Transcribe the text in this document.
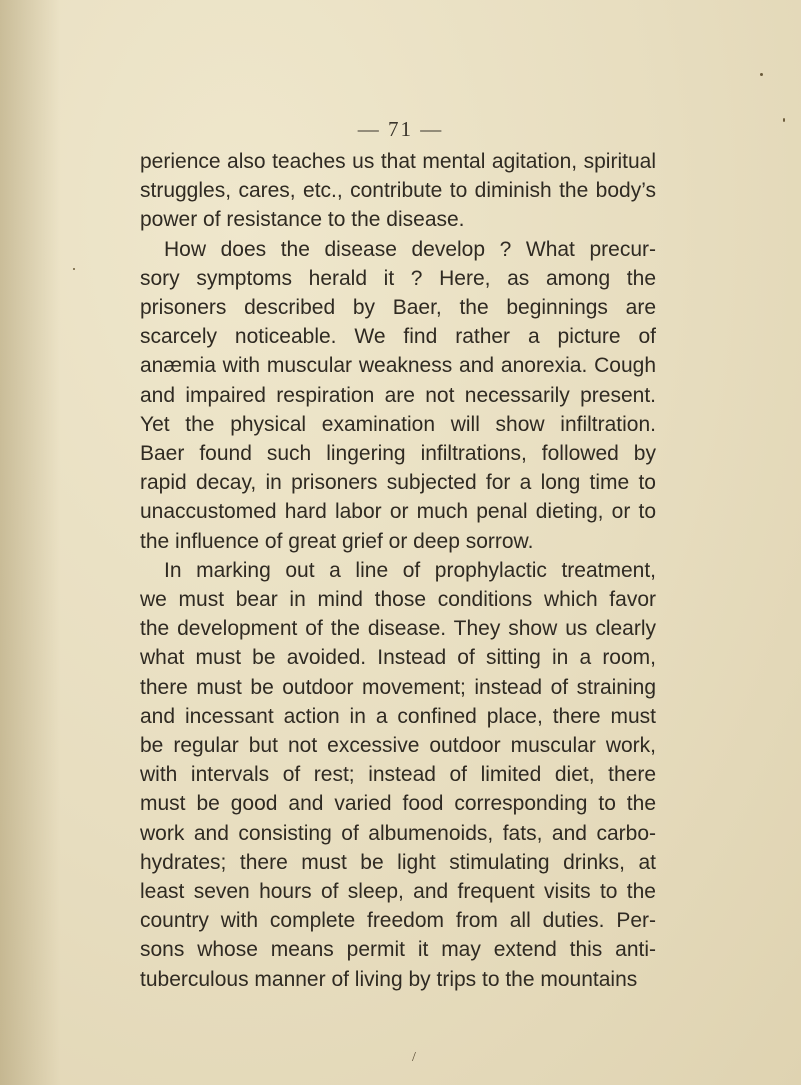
— 71 —

perience also teaches us that mental agitation, spiritual
struggles, cares, etc., contribute to diminish the body’s
power of resistance to the disease.

How does the disease develop ? What precur-
sory symptoms herald it ? Here, as among the
prisoners described by Baer, the beginnings are
scarcely noticeable. We find rather a picture of
anæmia with muscular weakness and anorexia. Cough
and impaired respiration are not necessarily present.
Yet the physical examination will show infiltration.
Baer found such lingering infiltrations, followed by
rapid decay, in prisoners subjected for a long time to
unaccustomed hard labor or much penal dieting, or to
the influence of great grief or deep sorrow.

In marking out a line of prophylactic treatment,
we must bear in mind those conditions which favor
the development of the disease. They show us clearly
what must be avoided. Instead of sitting in a room,
there must be outdoor movement; instead of straining
and incessant action in a confined place, there must
be regular but not excessive outdoor muscular work,
with intervals of rest; instead of limited diet, there
must be good and varied food corresponding to the
work and consisting of albumenoids, fats, and carbo-
hydrates; there must be light stimulating drinks, at
least seven hours of sleep, and frequent visits to the
country with complete freedom from all duties. Per-
sons whose means permit it may extend this anti-
tuberculous manner of living by trips to the mountains

/
